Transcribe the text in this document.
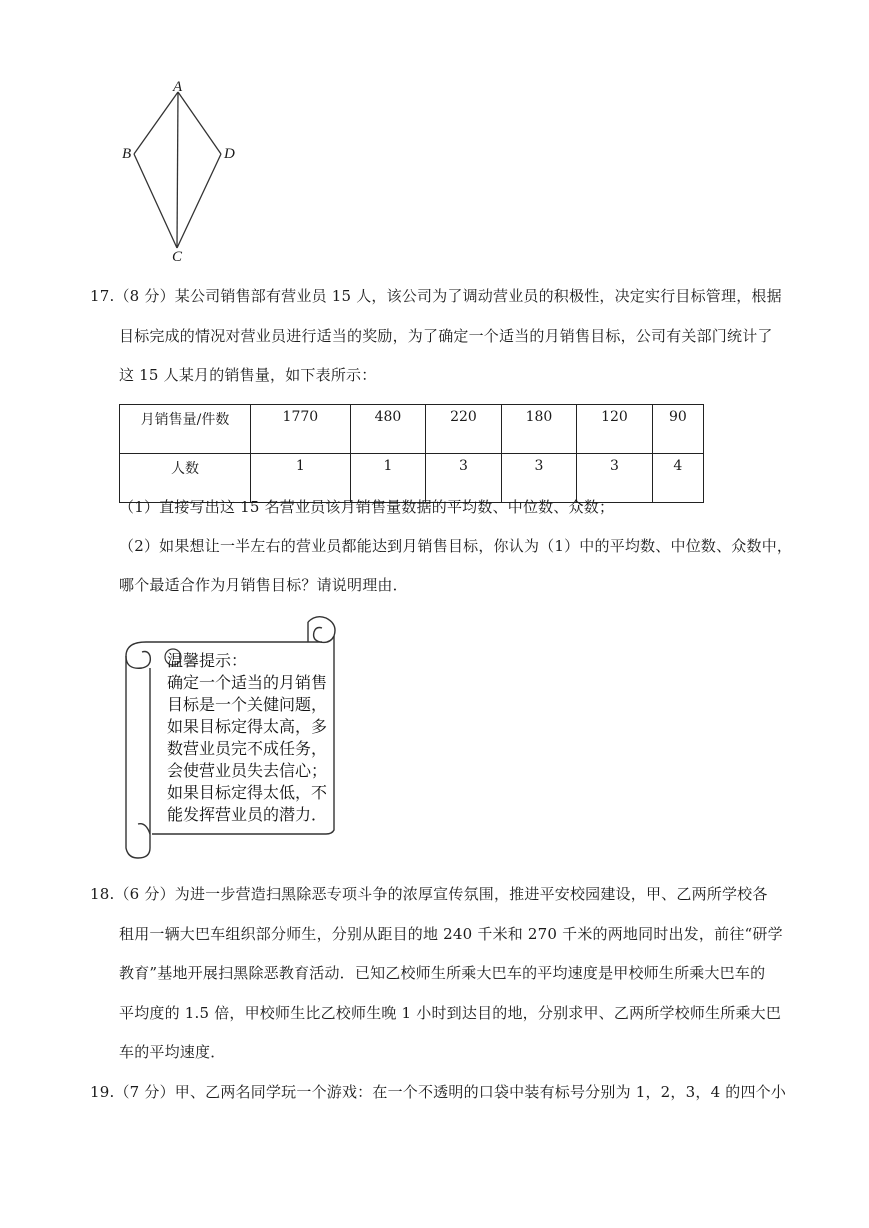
A
B	D
C
17.（8 分）某公司销售部有营业员 15 人，该公司为了调动营业员的积极性，决定实行目标管理，根据
目标完成的情况对营业员进行适当的奖励，为了确定一个适当的月销售目标，公司有关部门统计了
这 15 人某月的销售量，如下表所示：
月销售量/件数	1770	480	220	180	120	90
人数	1	1	3	3	3	4
（1）直接写出这 15 名营业员该月销售量数据的平均数、中位数、众数；
（2）如果想让一半左右的营业员都能达到月销售目标，你认为（1）中的平均数、中位数、众数中，
哪个最适合作为月销售目标？请说明理由．
温馨提示：
确定一个适当的月销售
目标是一个关健问题，
如果目标定得太高，多
数营业员完不成任务，
会使营业员失去信心；
如果目标定得太低，不
能发挥营业员的潜力．
18.（6 分）为进一步营造扫黑除恶专项斗争的浓厚宣传氛围，推进平安校园建设，甲、乙两所学校各
租用一辆大巴车组织部分师生，分别从距目的地 240 千米和 270 千米的两地同时出发，前往“研学
教育”基地开展扫黑除恶教育活动．已知乙校师生所乘大巴车的平均速度是甲校师生所乘大巴车的
平均度的 1.5 倍，甲校师生比乙校师生晚 1 小时到达目的地，分别求甲、乙两所学校师生所乘大巴
车的平均速度．
19.（7 分）甲、乙两名同学玩一个游戏：在一个不透明的口袋中装有标号分别为 1，2，3，4 的四个小
